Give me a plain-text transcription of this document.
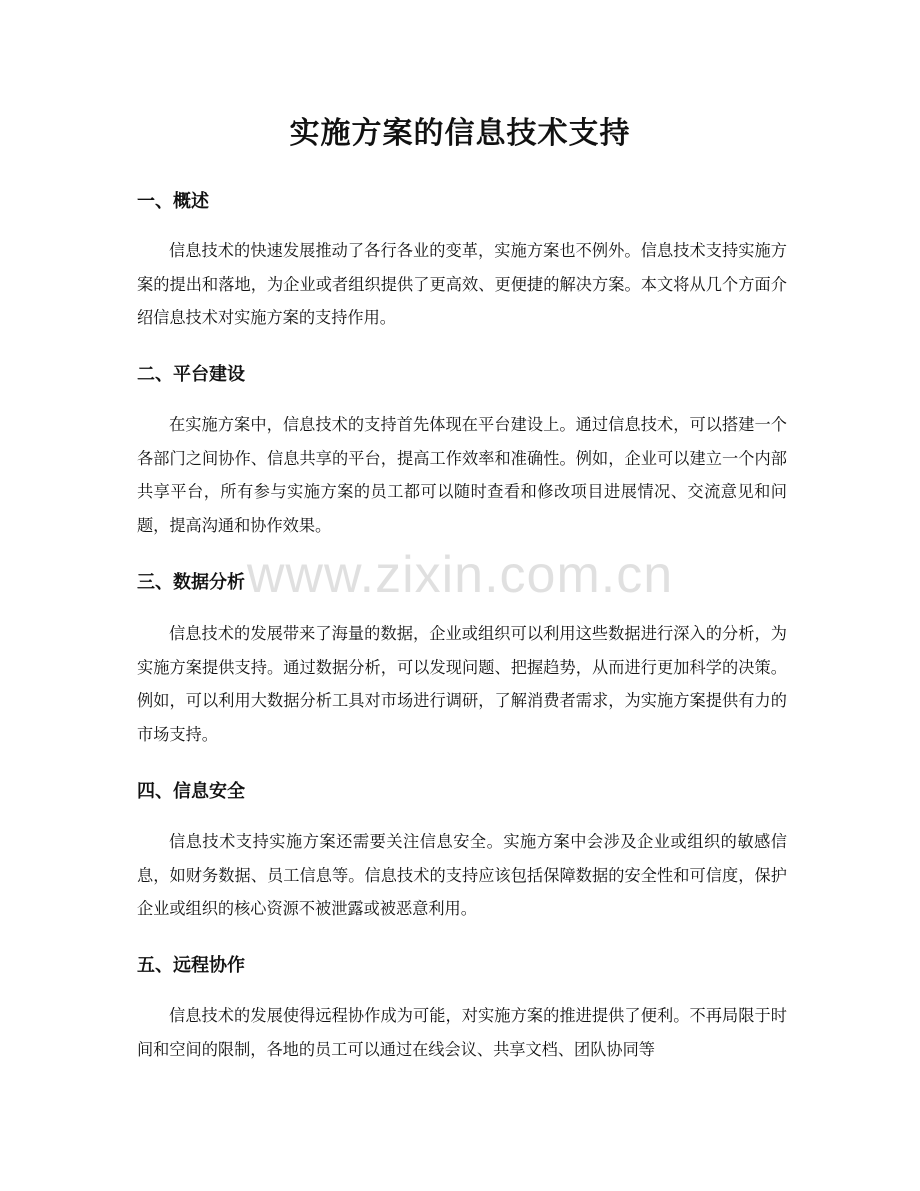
实施方案的信息技术支持
www.zixin.com.cn
一、概述

信息技术的快速发展推动了各行各业的变革，实施方案也不例外。信息技术支持实施方案的提出和落地，为企业或者组织提供了更高效、更便捷的解决方案。本文将从几个方面介绍信息技术对实施方案的支持作用。

二、平台建设

在实施方案中，信息技术的支持首先体现在平台建设上。通过信息技术，可以搭建一个各部门之间协作、信息共享的平台，提高工作效率和准确性。例如，企业可以建立一个内部共享平台，所有参与实施方案的员工都可以随时查看和修改项目进展情况、交流意见和问题，提高沟通和协作效果。

三、数据分析

信息技术的发展带来了海量的数据，企业或组织可以利用这些数据进行深入的分析，为实施方案提供支持。通过数据分析，可以发现问题、把握趋势，从而进行更加科学的决策。例如，可以利用大数据分析工具对市场进行调研，了解消费者需求，为实施方案提供有力的市场支持。

四、信息安全

信息技术支持实施方案还需要关注信息安全。实施方案中会涉及企业或组织的敏感信息，如财务数据、员工信息等。信息技术的支持应该包括保障数据的安全性和可信度，保护企业或组织的核心资源不被泄露或被恶意利用。

五、远程协作

信息技术的发展使得远程协作成为可能，对实施方案的推进提供了便利。不再局限于时间和空间的限制，各地的员工可以通过在线会议、共享文档、团队协同等
